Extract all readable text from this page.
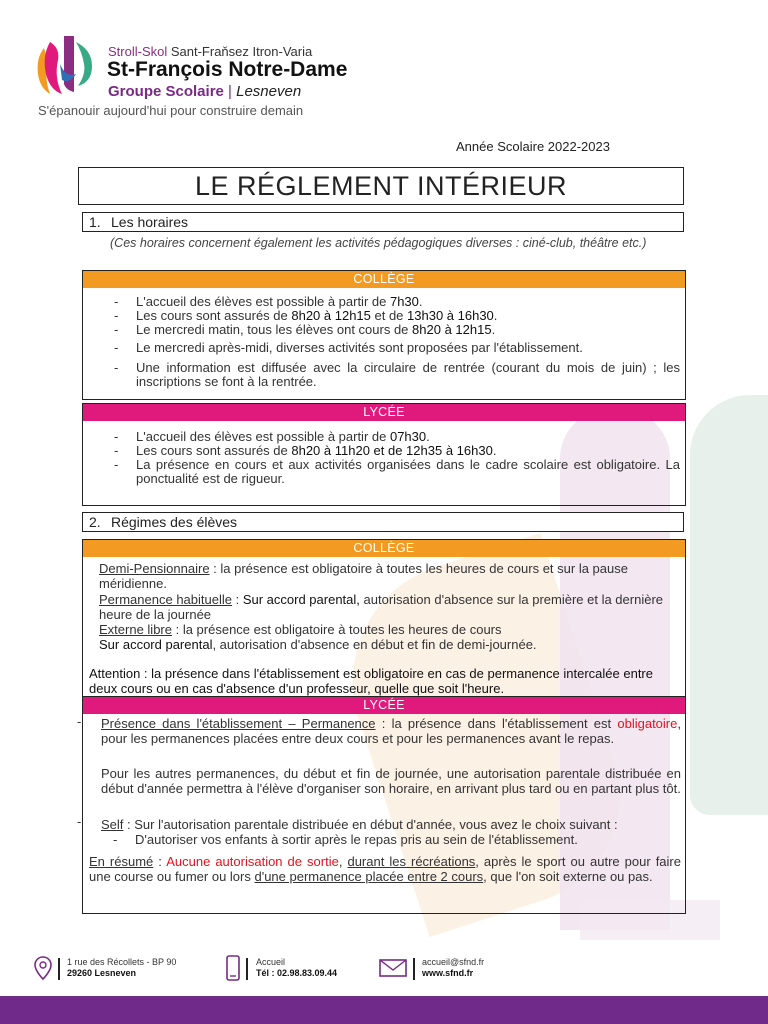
Stroll-Skol Sant-Fraňsez Itron-Varia
St-François Notre-Dame
Groupe Scolaire | Lesneven
S'épanouir aujourd'hui pour construire demain
Année Scolaire 2022-2023
LE RÉGLEMENT INTÉRIEUR
1. Les horaires
(Ces horaires concernent également les activités pédagogiques diverses : ciné-club, théâtre etc.)
COLLÈGE
- L'accueil des élèves est possible à partir de 7h30.
- Les cours sont assurés de 8h20 à 12h15 et de 13h30 à 16h30.
- Le mercredi matin, tous les élèves ont cours de 8h20 à 12h15.
- Le mercredi après-midi, diverses activités sont proposées par l'établissement.
- Une information est diffusée avec la circulaire de rentrée (courant du mois de juin) ; les inscriptions se font à la rentrée.
LYCÉE
- L'accueil des élèves est possible à partir de 07h30.
- Les cours sont assurés de 8h20 à 11h20 et de 12h35 à 16h30.
- La présence en cours et aux activités organisées dans le cadre scolaire est obligatoire. La ponctualité est de rigueur.
2. Régimes des élèves
COLLÈGE
Demi-Pensionnaire : la présence est obligatoire à toutes les heures de cours et sur la pause méridienne.
Permanence habituelle : Sur accord parental, autorisation d'absence sur la première et la dernière heure de la journée
Externe libre : la présence est obligatoire à toutes les heures de cours
Sur accord parental, autorisation d'absence en début et fin de demi-journée.
Attention : la présence dans l'établissement est obligatoire en cas de permanence intercalée entre deux cours ou en cas d'absence d'un professeur, quelle que soit l'heure.
LYCÉE
Présence dans l'établissement – Permanence : la présence dans l'établissement est obligatoire, pour les permanences placées entre deux cours et pour les permanences avant le repas.
Pour les autres permanences, du début et fin de journée, une autorisation parentale distribuée en début d'année permettra à l'élève d'organiser son horaire, en arrivant plus tard ou en partant plus tôt.
Self : Sur l'autorisation parentale distribuée en début d'année, vous avez le choix suivant :
- D'autoriser vos enfants à sortir après le repas pris au sein de l'établissement.
En résumé : Aucune autorisation de sortie, durant les récréations, après le sport ou autre pour faire une course ou fumer ou lors d'une permanence placée entre 2 cours, que l'on soit externe ou pas.
-
-
1 rue des Récollets - BP 90
29260 Lesneven
Accueil
Tél : 02.98.83.09.44
accueil@sfnd.fr
www.sfnd.fr
